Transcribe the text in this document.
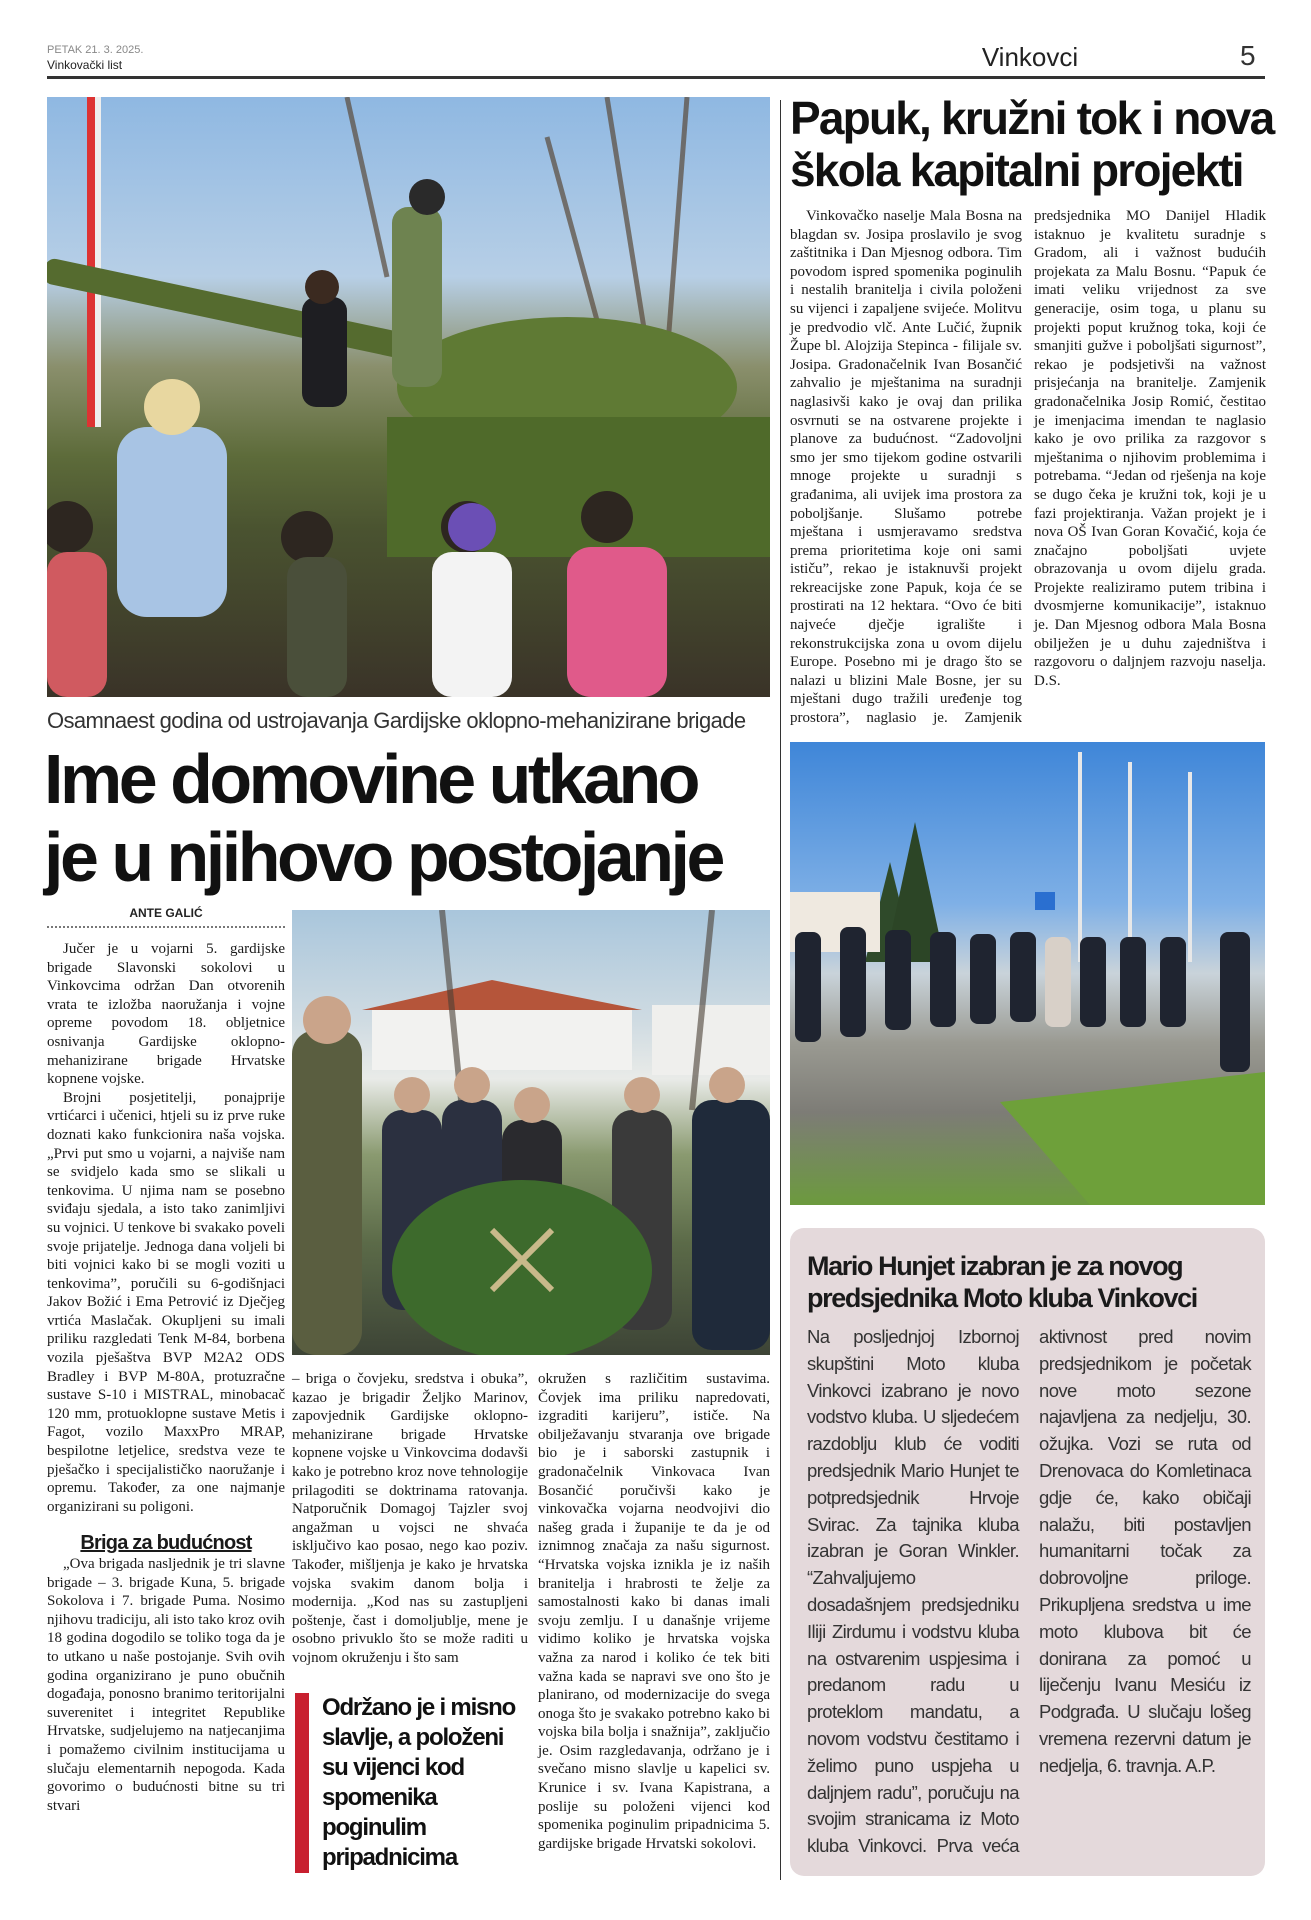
PETAK 21. 3. 2025.
Vinkovački list	Vinkovci	5
Osamnaest godina od ustrojavanja Gardijske oklopno-mehanizirane brigade
Ime domovine utkano
je u njihovo postojanje
ANTE GALIĆ

Jučer je u vojarni 5. gardijske brigade Slavonski sokolovi u Vinkovcima održan Dan otvorenih vrata te izložba naoružanja i vojne opreme povodom 18. obljetnice osnivanja Gardijske oklopno-mehanizirane brigade Hrvatske kopnene vojske.

Brojni posjetitelji, ponajprije vrtićarci i učenici, htjeli su iz prve ruke doznati kako funkcionira naša vojska. „Prvi put smo u vojarni, a najviše nam se svidjelo kada smo se slikali u tenkovima. U njima nam se posebno sviđaju sjedala, a isto tako zanimljivi su vojnici. U tenkove bi svakako poveli svoje prijatelje. Jednoga dana voljeli bi biti vojnici kako bi se mogli voziti u tenkovima”, poručili su 6-godišnjaci Jakov Božić i Ema Petrović iz Dječjeg vrtića Maslačak. Okupljeni su imali priliku razgledati Tenk M-84, borbena vozila pješaštva BVP M2A2 ODS Bradley i BVP M-80A, protuzračne sustave S-10 i MISTRAL, minobacač 120 mm, protuoklopne sustave Metis i Fagot, vozilo MaxxPro MRAP, bespilotne letjelice, sredstva veze te pješačko i specijalističko naoružanje i opremu. Također, za one najmanje organizirani su poligoni.

Briga za budućnost

„Ova brigada nasljednik je tri slavne brigade – 3. brigade Kuna, 5. brigade Sokolova i 7. brigade Puma. Nosimo njihovu tradiciju, ali isto tako kroz ovih 18 godina dogodilo se toliko toga da je to utkano u naše postojanje. Svih ovih godina organizirano je puno obučnih događaja, ponosno branimo teritorijalni suverenitet i integritet Republike Hrvatske, sudjelujemo na natjecanjima i pomažemo civilnim institucijama u slučaju elementarnih nepogoda. Kada govorimo o budućnosti bitne su tri stvari

– briga o čovjeku, sredstva i obuka”, kazao je brigadir Željko Marinov, zapovjednik Gardijske oklopno-mehanizirane brigade Hrvatske kopnene vojske u Vinkovcima dodavši kako je potrebno kroz nove tehnologije prilagoditi se doktrinama ratovanja. Natporučnik Domagoj Tajzler svoj angažman u vojsci ne shvaća isključivo kao posao, nego kao poziv. Također, mišljenja je kako je hrvatska vojska svakim danom bolja i modernija. „Kod nas su zastupljeni poštenje, čast i domoljublje, mene je osobno privuklo što se može raditi u vojnom okruženju i što sam

Održano je i misno slavlje, a položeni su vijenci kod spomenika poginulim pripadnicima

okružen s različitim sustavima. Čovjek ima priliku napredovati, izgraditi karijeru”, ističe. Na obilježavanju stvaranja ove brigade bio je i saborski zastupnik i gradonačelnik Vinkovaca Ivan Bosančić poručivši kako je vinkovačka vojarna neodvojivi dio našeg grada i županije te da je od iznimnog značaja za našu sigurnost. “Hrvatska vojska iznikla je iz naših branitelja i hrabrosti te želje za samostalnosti kako bi danas imali svoju zemlju. I u današnje vrijeme vidimo koliko je hrvatska vojska važna za narod i koliko će tek biti važna kada se napravi sve ono što je planirano, od modernizacije do svega onoga što je svakako potrebno kako bi vojska bila bolja i snažnija”, zaključio je. Osim razgledavanja, održano je i svečano misno slavlje u kapelici sv. Krunice i sv. Ivana Kapistrana, a poslije su položeni vijenci kod spomenika poginulim pripadnicima 5. gardijske brigade Hrvatski sokolovi.

Papuk, kružni tok i nova
škola kapitalni projekti

Vinkovačko naselje Mala Bosna na blagdan sv. Josipa proslavilo je svog zaštitnika i Dan Mjesnog odbora. Tim povodom ispred spomenika poginulih i nestalih branitelja i civila položeni su vijenci i zapaljene svijeće. Molitvu je predvodio vlč. Ante Lučić, župnik Župe bl. Alojzija Stepinca - filijale sv. Josipa. Gradonačelnik Ivan Bosančić zahvalio je mještanima na suradnji naglasivši kako je ovaj dan prilika osvrnuti se na ostvarene projekte i planove za budućnost. “Zadovoljni smo jer smo tijekom godine ostvarili mnoge projekte u suradnji s građanima, ali uvijek ima prostora za poboljšanje. Slušamo potrebe mještana i usmjeravamo sredstva prema prioritetima koje oni sami ističu”, rekao je istaknuvši projekt rekreacijske zone Papuk, koja će se prostirati na 12 hektara. “Ovo će biti najveće dječje igralište i rekonstrukcijska zona u ovom dijelu Europe. Posebno mi je drago što se nalazi u blizini Male Bosne, jer su mještani dugo tražili uređenje tog prostora”, naglasio je. Zamjenik predsjednika MO Danijel Hladik istaknuo je kvalitetu suradnje s Gradom, ali i važnost budućih projekata za Malu Bosnu. “Papuk će imati veliku vrijednost za sve generacije, osim toga, u planu su projekti poput kružnog toka, koji će smanjiti gužve i poboljšati sigurnost”, rekao je podsjetivši na važnost prisjećanja na branitelje. Zamjenik gradonačelnika Josip Romić, čestitao je imenjacima imendan te naglasio kako je ovo prilika za razgovor s mještanima o njihovim problemima i potrebama. “Jedan od rješenja na koje se dugo čeka je kružni tok, koji je u fazi projektiranja. Važan projekt je i nova OŠ Ivan Goran Kovačić, koja će značajno poboljšati uvjete obrazovanja u ovom dijelu grada. Projekte realiziramo putem tribina i dvosmjerne komunikacije”, istaknuo je. Dan Mjesnog odbora Mala Bosna obilježen je u duhu zajedništva i razgovoru o daljnjem razvoju naselja. D.S.

Mario Hunjet izabran je za novog
predsjednika Moto kluba Vinkovci
Na posljednjoj Izbornoj skupštini Moto kluba Vinkovci izabrano je novo vodstvo kluba. U sljedećem razdoblju klub će voditi predsjednik Mario Hunjet te potpredsjednik Hrvoje Svirac. Za tajnika kluba izabran je Goran Winkler. “Zahvaljujemo dosadašnjem predsjedniku Iliji Zirdumu i vodstvu kluba na ostvarenim uspjesima i predanom radu u proteklom mandatu, a novom vodstvu čestitamo i želimo puno uspjeha u daljnjem radu”, poručuju na svojim stranicama iz Moto kluba Vinkovci. Prva veća aktivnost pred novim predsjednikom je početak nove moto sezone najavljena za nedjelju, 30. ožujka. Vozi se ruta od Drenovaca do Komletinaca gdje će, kako običaji nalažu, biti postavljen humanitarni točak za dobrovoljne priloge. Prikupljena sredstva u ime moto klubova bit će donirana za pomoć u liječenju Ivanu Mesiću iz Podgrađa. U slučaju lošeg vremena rezervni datum je nedjelja, 6. travnja. A.P.
